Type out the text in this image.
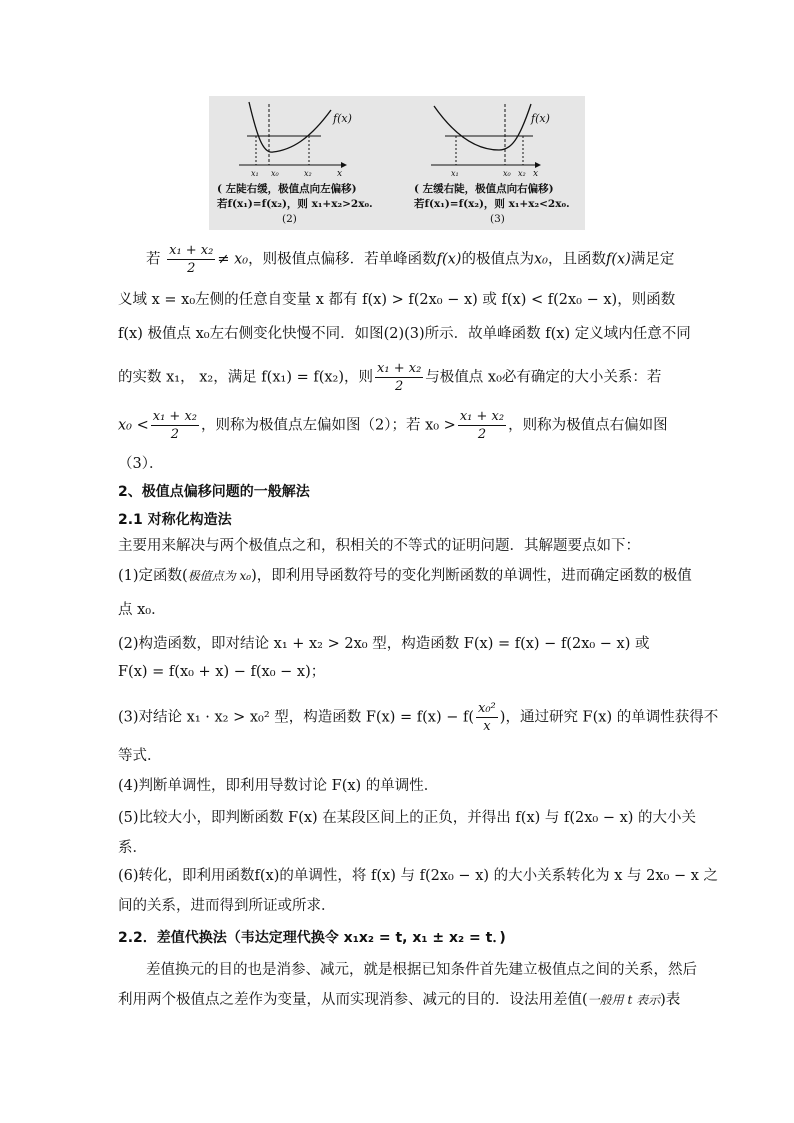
f(x)
x₁ x₀	x₂	x
( 左陡右缓，极值点向左偏移)
若f(x₁)=f(x₂)，则 x₁+x₂>2x₀.
(2)
f(x)
x₁	x₀ x₂ x
( 左缓右陡，极值点向右偏移)
若f(x₁)=f(x₂)，则 x₁+x₂<2x₀.
(3)
若 $\frac{\text{x₁ + x₂}}{2} \ne x_0$，则极值点偏移．若单峰函数f(x)的极值点为x₀，且函数f(x)满足定
义域 x = x₀左侧的任意自变量 x 都有 f(x) > f(2x₀ − x) 或 f(x) < f(2x₀ − x)，则函数
f(x) 极值点 x₀左右侧变化快慢不同．如图(2)(3)所示．故单峰函数 f(x) 定义域内任意不同
的实数 x₁， x₂，满足 f(x₁) = f(x₂)，则 $\frac{\text{x₁ + x₂}}{2}$ 与极值点 x₀必有确定的大小关系：若
$x_0 < \frac{\text{x₁ + x₂}}{2}$ ，则称为极值点左偏如图（2）；若 $x_0 > \frac{\text{x₁ + x₂}}{2}$ ，则称为极值点右偏如图
（3）．
2、极值点偏移问题的一般解法
2.1 对称化构造法
主要用来解决与两个极值点之和，积相关的不等式的证明问题．其解题要点如下：
(1)定函数(极值点为 x₀)，即利用导函数符号的变化判断函数的单调性，进而确定函数的极值
点 x₀．
(2)构造函数，即对结论 x₁ + x₂ > 2x₀ 型，构造函数 F(x) = f(x) − f(2x₀ − x) 或
F(x) = f(x₀ + x) − f(x₀ − x)；
(3)对结论 x₁ · x₂ > x₀² 型，构造函数 $F(x) = f(x) - f( \frac{\text{x₀²}}{x}$ )，通过研究 F(x) 的单调性获得不
等式．
(4)判断单调性，即利用导数讨论 F(x) 的单调性．
(5)比较大小，即判断函数 F(x) 在某段区间上的正负，并得出 f(x) 与 f(2x₀ − x) 的大小关
系．
(6)转化，即利用函数f(x)的单调性，将 f(x) 与 f(2x₀ − x) 的大小关系转化为 x 与 2x₀ − x 之
间的关系，进而得到所证或所求．
2.2．差值代换法（韦达定理代换令 x₁x₂ = t, x₁ ± x₂ = t．)
差值换元的目的也是消参、减元，就是根据已知条件首先建立极值点之间的关系，然后
利用两个极值点之差作为变量，从而实现消参、减元的目的．设法用差值(一般用 t 表示)表
